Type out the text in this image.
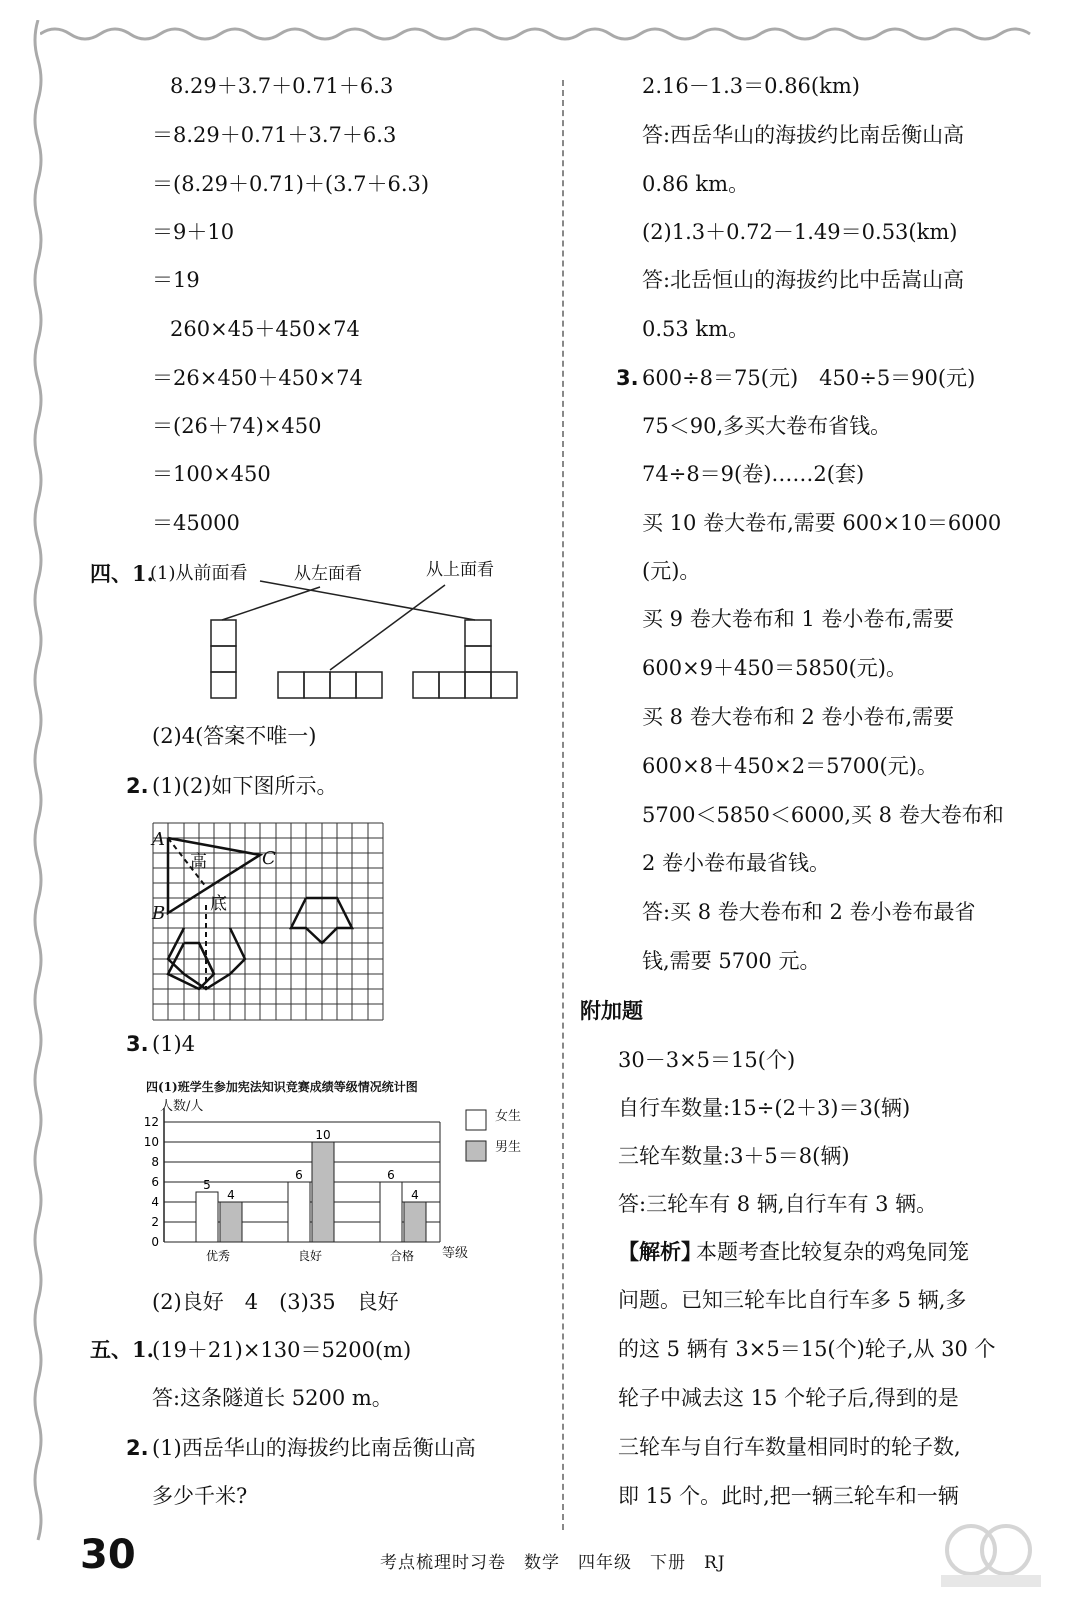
8.29＋3.7＋0.71＋6.3
＝8.29＋0.71＋3.7＋6.3
＝(8.29＋0.71)＋(3.7＋6.3)
＝9＋10
＝19
260×45＋450×74
＝26×450＋450×74
＝(26＋74)×450
＝100×450
＝45000
四、1.
(1)从前面看	从左面看	从上面看
(2)4(答案不唯一)
2. (1)(2)如下图所示。
A
B
C
高
底
3. (1)4
四(1)班学生参加宪法知识竞赛成绩等级情况统计图
人数/人
0
2
4
6
8
10
12
5
4
优秀
6
10
良好
6
4
合格 等级
女生
男生
(2)良好　4　(3)35　良好
五、1.
(19＋21)×130＝5200(m)
答:这条隧道长 5200 m。
2. (1)西岳华山的海拔约比南岳衡山高
多少千米?
2.16－1.3＝0.86(km)
答:西岳华山的海拔约比南岳衡山高
0.86 km。
(2)1.3＋0.72－1.49＝0.53(km)
答:北岳恒山的海拔约比中岳嵩山高
0.53 km。
3. 600÷8＝75(元)　450÷5＝90(元)
75＜90,多买大卷布省钱。
74÷8＝9(卷)……2(套)
买 10 卷大卷布,需要 600×10＝6000
(元)。
买 9 卷大卷布和 1 卷小卷布,需要
600×9＋450＝5850(元)。
买 8 卷大卷布和 2 卷小卷布,需要
600×8＋450×2＝5700(元)。
5700＜5850＜6000,买 8 卷大卷布和
2 卷小卷布最省钱。
答:买 8 卷大卷布和 2 卷小卷布最省
钱,需要 5700 元。
附加题
30－3×5＝15(个)
自行车数量:15÷(2＋3)＝3(辆)
三轮车数量:3＋5＝8(辆)
答:三轮车有 8 辆,自行车有 3 辆。
【解析】
本题考查比较复杂的鸡兔同笼
问题。已知三轮车比自行车多 5 辆,多
的这 5 辆有 3×5＝15(个)轮子,从 30 个
轮子中减去这 15 个轮子后,得到的是
三轮车与自行车数量相同时的轮子数,
即 15 个。此时,把一辆三轮车和一辆
30	考点梳理时习卷　数学　四年级　下册　RJ
